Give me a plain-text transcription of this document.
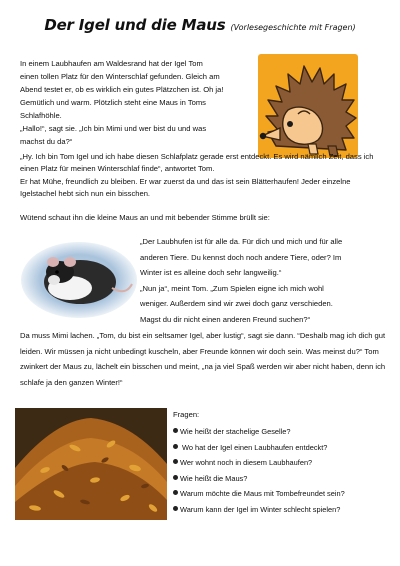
Der Igel und die Maus (Vorlesegeschichte mit Fragen)
In einem Laubhaufen am Waldesrand hat der Igel Tom
einen tollen Platz für den Winterschlaf gefunden. Gleich am
Abend testet er, ob es wirklich ein gutes Plätzchen ist. Oh ja!
Gemütlich und warm. Plötzlich steht eine Maus in Toms
Schlafhöhle.
„Hallo!“, sagt sie. „Ich bin Mimi und wer bist du und was
machst du da?“
„Hy. Ich bin Tom Igel und ich habe diesen Schlafplatz gerade erst entdeckt. Es wird nämlich Zeit, dass ich einen Platz für meinen Winterschlaf finde“, antwortet Tom.
Er hat Mühe, freundlich zu bleiben. Er war zuerst da und das ist sein Blätterhaufen! Jeder einzelne Igelstachel hebt sich nun ein bisschen.
Wütend schaut ihn die kleine Maus an und mit bebender Stimme brüllt sie:
„Der Laubhufen ist für alle da. Für dich und mich und für alle
anderen Tiere. Du kennst doch noch andere Tiere, oder? Im
Winter ist es alleine doch sehr langweilig.“
„Nun ja“, meint Tom. „Zum Spielen eigne ich mich wohl
weniger. Außerdem sind wir zwei doch ganz verschieden.
Magst du dir nicht einen anderen Freund suchen?“
Da muss Mimi lachen. „Tom, du bist ein seltsamer Igel, aber lustig“, sagt sie dann. “Deshalb mag ich dich gut leiden. Wir müssen ja nicht unbedingt kuscheln, aber Freunde können wir doch sein. Was meinst du?“ Tom zwinkert der Maus zu, lächelt ein bisschen und meint, „na ja viel Spaß werden wir aber nicht haben, denn ich schlafe ja den ganzen Winter!“
Fragen:
Wie heißt der stachelige Geselle?
Wo hat der Igel einen Laubhaufen entdeckt?
Wer wohnt noch in diesem Laubhaufen?
Wie heißt die Maus?
Warum möchte die Maus mit Tombefreundet sein?
Warum kann der Igel im Winter schlecht spielen?
